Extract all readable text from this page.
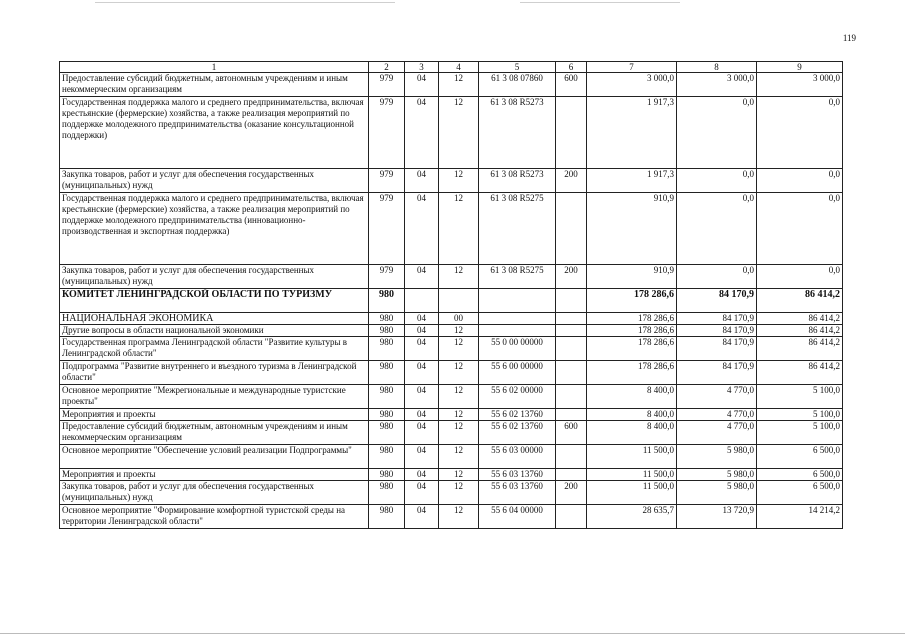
119
1	2	3	4	5	6	7	8	9
Предоставление субсидий бюджетным, автономным учреждениям и иным некоммерческим организациям	979	04	12	61 3 08 07860	600	3 000,0	3 000,0	3 000,0
Государственная поддержка малого и среднего предпринимательства, включая крестьянские (фермерские) хозяйства, а также реализация мероприятий по поддержке молодежного предпринимательства (оказание консультационной поддержки)	979	04	12	61 3 08 R5273		1 917,3	0,0	0,0
Закупка товаров, работ и услуг для обеспечения государственных (муниципальных) нужд	979	04	12	61 3 08 R5273	200	1 917,3	0,0	0,0
Государственная поддержка малого и среднего предпринимательства, включая крестьянские (фермерские) хозяйства, а также реализация мероприятий по поддержке молодежного предпринимательства (инновационно-производственная и экспортная поддержка)	979	04	12	61 3 08 R5275		910,9	0,0	0,0
Закупка товаров, работ и услуг для обеспечения государственных (муниципальных) нужд	979	04	12	61 3 08 R5275	200	910,9	0,0	0,0
КОМИТЕТ ЛЕНИНГРАДСКОЙ ОБЛАСТИ ПО ТУРИЗМУ	980					178 286,6	84 170,9	86 414,2
НАЦИОНАЛЬНАЯ ЭКОНОМИКА	980	04	00			178 286,6	84 170,9	86 414,2
Другие вопросы в области национальной экономики	980	04	12			178 286,6	84 170,9	86 414,2
Государственная программа Ленинградской области "Развитие культуры в Ленинградской области"	980	04	12	55 0 00 00000		178 286,6	84 170,9	86 414,2
Подпрограмма "Развитие внутреннего и въездного туризма в Ленинградской области"	980	04	12	55 6 00 00000		178 286,6	84 170,9	86 414,2
Основное мероприятие "Межрегиональные и международные туристские проекты"	980	04	12	55 6 02 00000		8 400,0	4 770,0	5 100,0
Мероприятия и проекты	980	04	12	55 6 02 13760		8 400,0	4 770,0	5 100,0
Предоставление субсидий бюджетным, автономным учреждениям и иным некоммерческим организациям	980	04	12	55 6 02 13760	600	8 400,0	4 770,0	5 100,0
Основное мероприятие "Обеспечение условий реализации Подпрограммы"	980	04	12	55 6 03 00000		11 500,0	5 980,0	6 500,0
Мероприятия и проекты	980	04	12	55 6 03 13760		11 500,0	5 980,0	6 500,0
Закупка товаров, работ и услуг для обеспечения государственных (муниципальных) нужд	980	04	12	55 6 03 13760	200	11 500,0	5 980,0	6 500,0
Основное мероприятие "Формирование комфортной туристской среды на территории Ленинградской области"	980	04	12	55 6 04 00000		28 635,7	13 720,9	14 214,2
